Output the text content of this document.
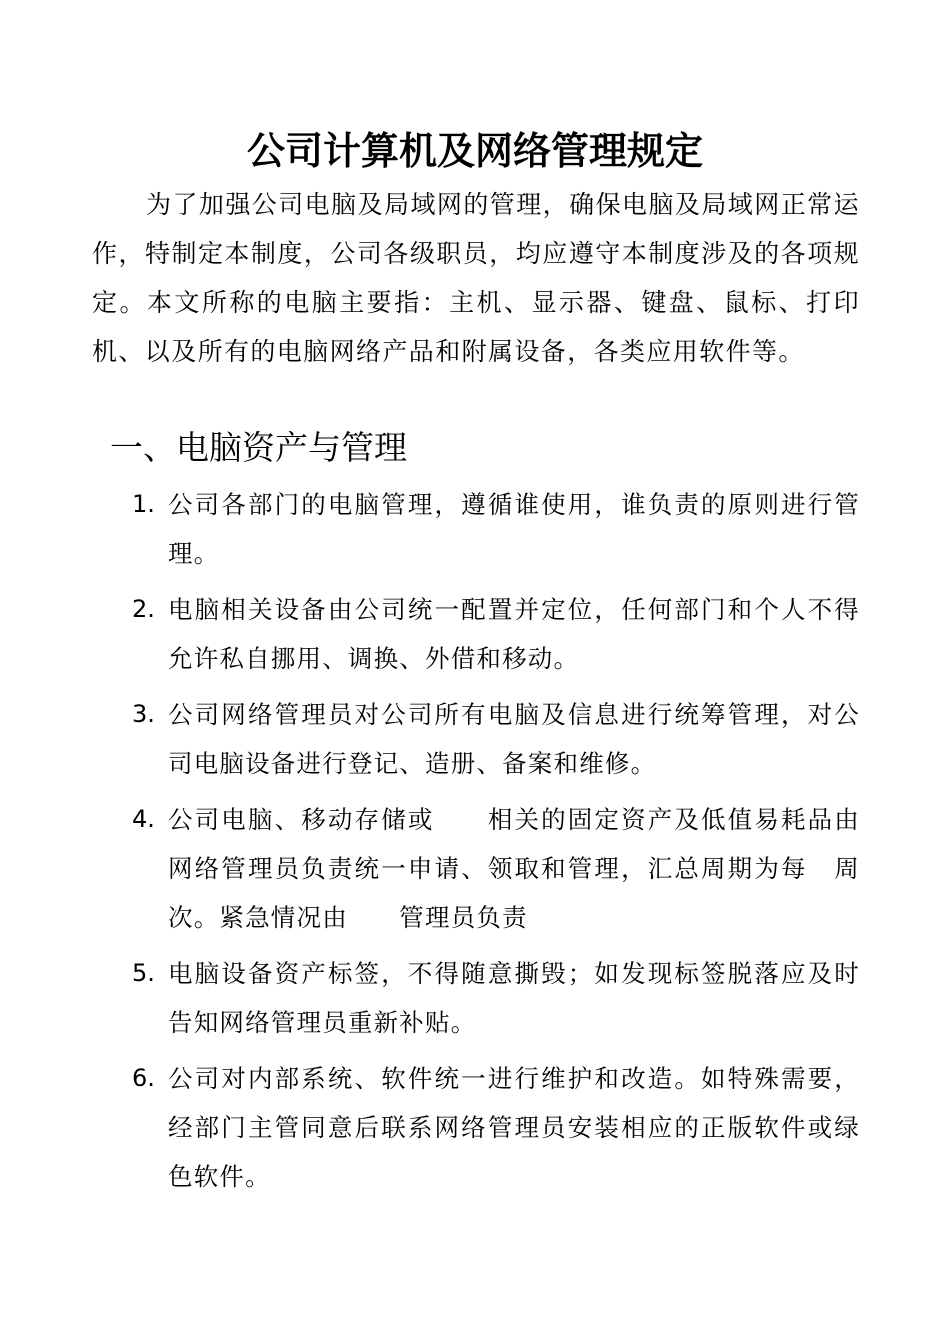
公司计算机及网络管理规定

为了加强公司电脑及局域网的管理，确保电脑及局域网正常运作，特制定本制度，公司各级职员，均应遵守本制度涉及的各项规定。本文所称的电脑主要指：主机、显示器、键盘、鼠标、打印机、以及所有的电脑网络产品和附属设备，各类应用软件等。

一、电脑资产与管理
1. 公司各部门的电脑管理，遵循谁使用，谁负责的原则进行管理。
2. 电脑相关设备由公司统一配置并定位，任何部门和个人不得允许私自挪用、调换、外借和移动。
3. 公司网络管理员对公司所有电脑及信息进行统筹管理，对公司电脑设备进行登记、造册、备案和维修。
4. 公司电脑、移动存储或　　相关的固定资产及低值易耗品由网络管理员负责统一申请、领取和管理，汇总周期为每　周　次。紧急情况由　　管理员负责
5. 电脑设备资产标签，不得随意撕毁；如发现标签脱落应及时告知网络管理员重新补贴。
6. 公司对内部系统、软件统一进行维护和改造。如特殊需要，经部门主管同意后联系网络管理员安装相应的正版软件或绿色软件。
